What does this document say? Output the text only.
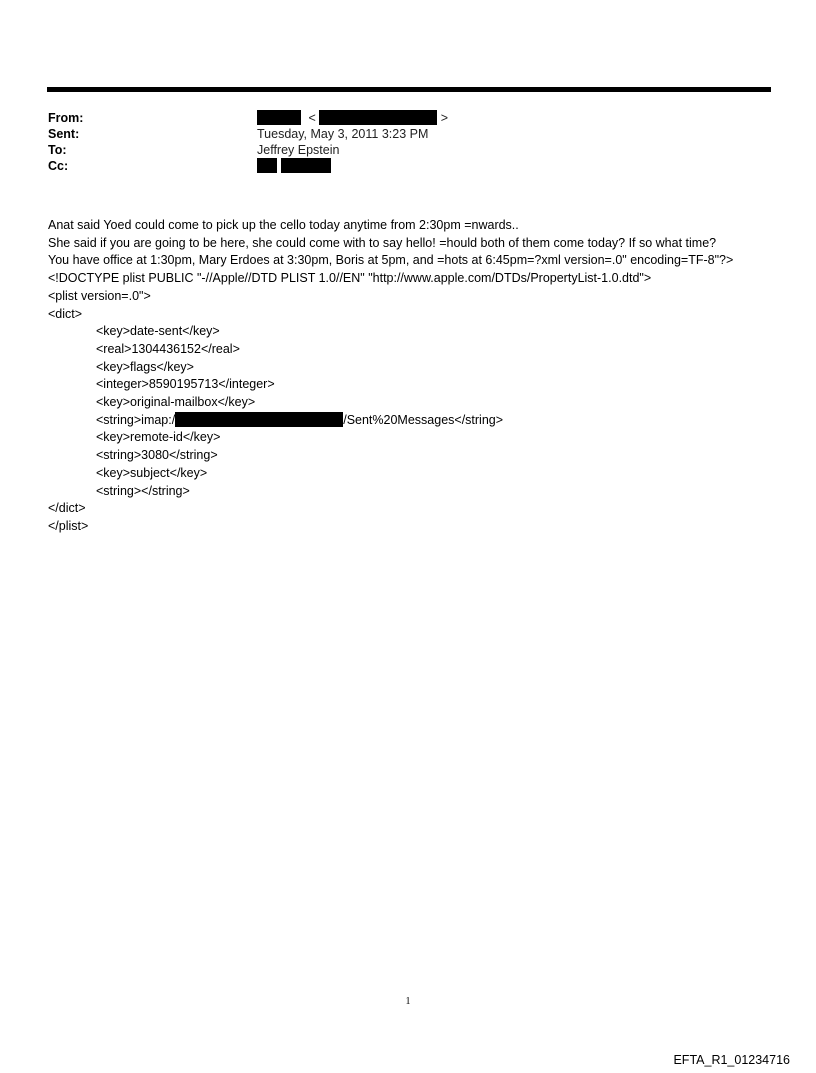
From:	<	>
Sent:	Tuesday, May 3, 2011 3:23 PM
To:	Jeffrey Epstein
Cc:

Anat said Yoed could come to pick up the cello today anytime from 2:30pm =nwards..

She said if you are going to be here, she could come with to say hello! =hould both of them come today? If so what time?

You have office at 1:30pm, Mary Erdoes at 3:30pm, Boris at 5pm, and =hots at 6:45pm=?xml version=.0" encoding=TF-8"?> <!DOCTYPE plist PUBLIC "-//Apple//DTD PLIST 1.0//EN" "http://www.apple.com/DTDs/PropertyList-1.0.dtd">

<plist version=.0">

<dict>

<key>date-sent</key>

<real>1304436152</real>

<key>flags</key>

<integer>8590195713</integer>

<key>original-mailbox</key>

<string>imap:/	/Sent%20Messages</string>

<key>remote-id</key>

<string>3080</string>

<key>subject</key>

<string></string>

</dict>

</plist>

1
EFTA_R1_01234716
